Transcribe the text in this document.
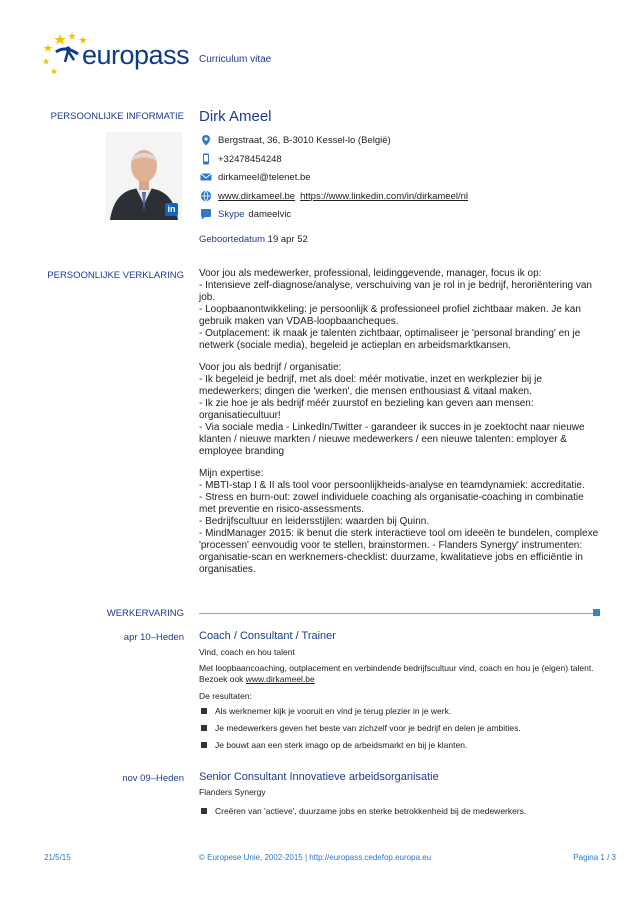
europass Curriculum vitae
PERSOONLIJKE INFORMATIE Dirk Ameel
in
Bergstraat, 36, B-3010 Kessel-lo (België)
+32478454248
dirkameel@telenet.be
www.dirkameel.be https://www.linkedin.com/in/dirkameel/nl
Skype dameelvic
Geboortedatum 19 apr 52
PERSOONLIJKE VERKLARING Voor jou als medewerker, professional, leidinggevende, manager, focus ik op:

- Intensieve zelf-diagnose/analyse, verschuiving van je rol in je bedrijf, heroriëntering van job.

- Loopbaanontwikkeling: je persoonlijk & professioneel profiel zichtbaar maken. Je kan gebruik maken van VDAB-loopbaancheques.

- Outplacement: ik maak je talenten zichtbaar, optimaliseer je 'personal branding' en je netwerk (sociale media), begeleid je actieplan en arbeidsmarktkansen.

Voor jou als bedrijf / organisatie:

- Ik begeleid je bedrijf, met als doel: méér motivatie, inzet en werkplezier bij je medewerkers; dingen die 'werken', die mensen enthousiast & vitaal maken.

- Ik zie hoe je als bedrijf méér zuurstof en bezieling kan geven aan mensen: organisatiecultuur!

- Via sociale media - LinkedIn/Twitter - garandeer ik succes in je zoektocht naar nieuwe klanten / nieuwe markten / nieuwe medewerkers / een nieuwe talenten: employer & employee branding

Mijn expertise:

- MBTI-stap I & II als tool voor persoonlijkheids-analyse en teamdynamiek: accreditatie.

- Stress en burn-out: zowel individuele coaching als organisatie-coaching in combinatie met preventie en risico-assessments.

- Bedrijfscultuur en leidersstijlen: waarden bij Quinn.

- MindManager 2015: ik benut die sterk interactieve tool om ideeën te bundelen, complexe 'processen' eenvoudig voor te stellen, brainstormen. - Flanders Synergy' instrumenten: organisatie-scan en werknemers-checklist: duurzame, kwalitatieve jobs en efficiëntie in organisaties.

WERKERVARING
apr 10–Heden Coach / Consultant / Trainer
Vind, coach en hou talent
Met loopbaancoaching, outplacement en verbindende bedrijfscultuur vind, coach en hou je (eigen) talent. Bezoek ook www.dirkameel.be
De resultaten:
Als werknemer kijk je vooruit en vind je terug plezier in je werk.
Je medewerkers geven het beste van zichzelf voor je bedrijf en delen je ambities.
Je bouwt aan een sterk imago op de arbeidsmarkt en bij je klanten.
nov 09–Heden Senior Consultant Innovatieve arbeidsorganisatie
Flanders Synergy
Creëren van 'actieve', duurzame jobs en sterke betrokkenheid bij de medewerkers.
21/5/15	© Europese Unie, 2002-2015 | http://europass.cedefop.europa.eu	Pagina 1 / 3
